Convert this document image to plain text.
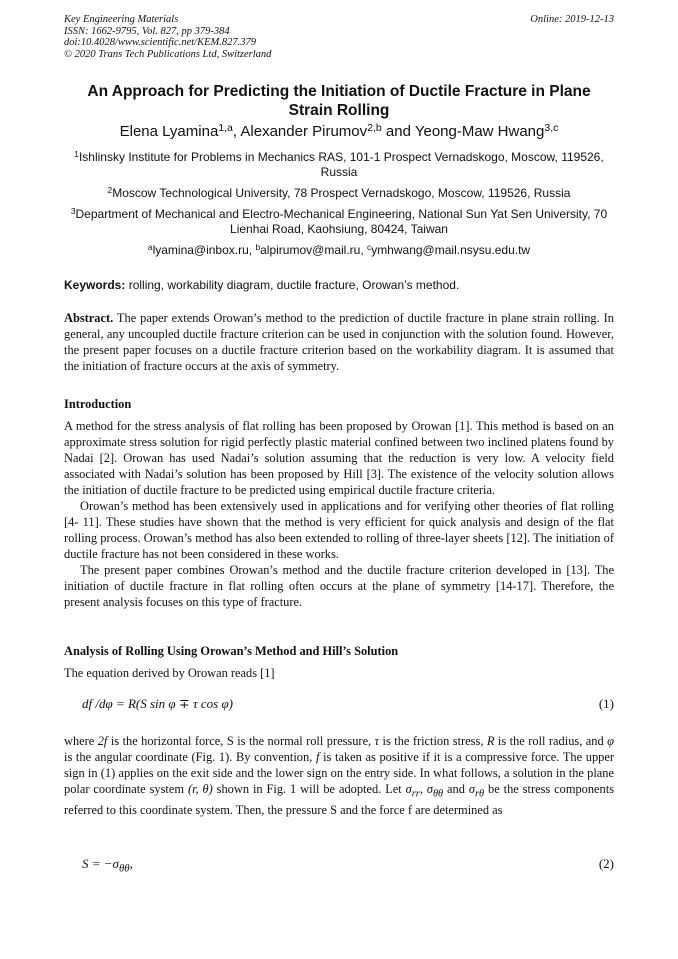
Key Engineering Materials
ISSN: 1662-9795, Vol. 827, pp 379-384
doi:10.4028/www.scientific.net/KEM.827.379
© 2020 Trans Tech Publications Ltd, Switzerland
Online: 2019-12-13
An Approach for Predicting the Initiation of Ductile Fracture in Plane Strain Rolling
Elena Lyamina$^{1,a}$, Alexander Pirumov$^{2,b}$ and Yeong-Maw Hwang$^{3,c}$
$^1$Ishlinsky Institute for Problems in Mechanics RAS, 101-1 Prospect Vernadskogo, Moscow, 119526, Russia
$^2$Moscow Technological University, 78 Prospect Vernadskogo, Moscow, 119526, Russia
$^3$Department of Mechanical and Electro-Mechanical Engineering, National Sun Yat Sen University, 70 Lienhai Road, Kaohsiung, 80424, Taiwan
$^a$lyamina@inbox.ru, $^b$alpirumov@mail.ru, $^c$ymhwang@mail.nsysu.edu.tw
Keywords: rolling, workability diagram, ductile fracture, Orowan’s method.

Abstract. The paper extends Orowan’s method to the prediction of ductile fracture in plane strain rolling. In general, any uncoupled ductile fracture criterion can be used in conjunction with the solution found. However, the present paper focuses on a ductile fracture criterion based on the workability diagram. It is assumed that the initiation of fracture occurs at the axis of symmetry.

Introduction

A method for the stress analysis of flat rolling has been proposed by Orowan [1]. This method is based on an approximate stress solution for rigid perfectly plastic material confined between two inclined platens found by Nadai [2]. Orowan has used Nadai’s solution assuming that the reduction is very low. A velocity field associated with Nadai’s solution has been proposed by Hill [3]. The existence of the velocity solution allows the initiation of ductile fracture to be predicted using empirical ductile fracture criteria.

Orowan’s method has been extensively used in applications and for verifying other theories of flat rolling [4- 11]. These studies have shown that the method is very efficient for quick analysis and design of the flat rolling process. Orowan’s method has also been extended to rolling of three-layer sheets [12]. The initiation of ductile fracture has not been considered in these works.

The present paper combines Orowan’s method and the ductile fracture criterion developed in [13]. The initiation of ductile fracture in flat rolling often occurs at the plane of symmetry [14-17]. Therefore, the present analysis focuses on this type of fracture.

Analysis of Rolling Using Orowan’s Method and Hill’s Solution
The equation derived by Orowan reads [1]
df /dφ = R(S sin φ ∓ τ cos φ)	(1)

where 2f is the horizontal force, S is the normal roll pressure, τ is the friction stress, R is the roll radius, and φ is the angular coordinate (Fig. 1). By convention, f is taken as positive if it is a compressive force. The upper sign in (1) applies on the exit side and the lower sign on the entry side. In what follows, a solution in the plane polar coordinate system (r, θ) shown in Fig. 1 will be adopted. Let $\sigma_{rr}$, $\sigma_{\theta\theta}$ and $\sigma_{r\theta}$ be the stress components referred to this coordinate system. Then, the pressure S and the force f are determined as

$S = -\sigma_{\theta\theta}$,	(2)
